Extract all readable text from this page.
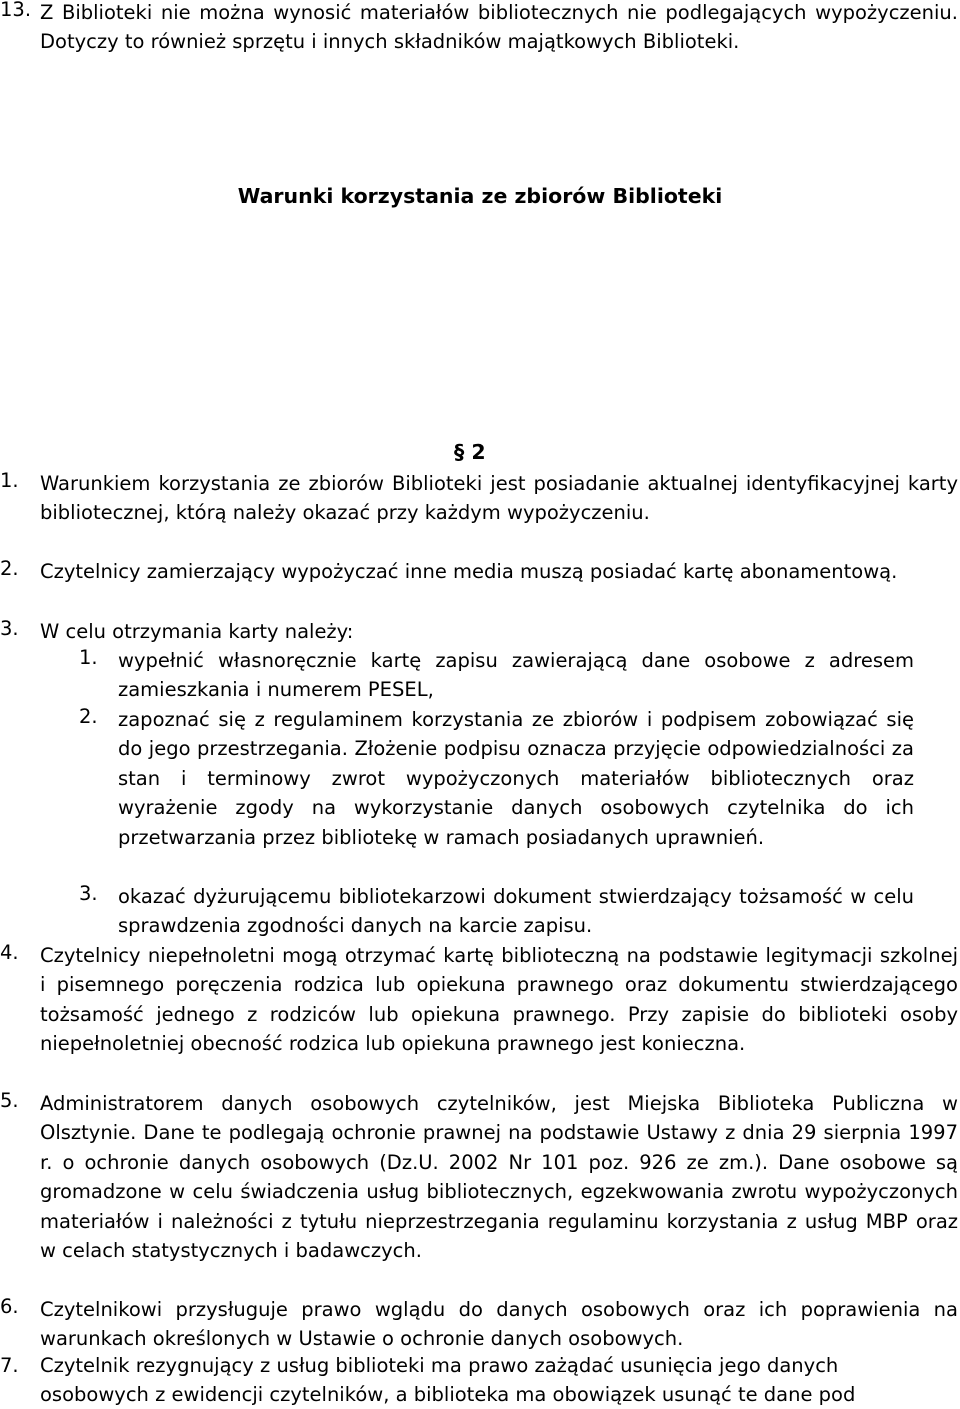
13. Z Biblioteki nie można wynosić materiałów bibliotecznych nie podlegających wypożyczeniu. Dotyczy to również sprzętu i innych składników majątkowych Biblioteki.
Warunki korzystania ze zbiorów Biblioteki
§ 2
1. Warunkiem korzystania ze zbiorów Biblioteki jest posiadanie aktualnej identyfikacyjnej karty bibliotecznej, którą należy okazać przy każdym wypożyczeniu.
2. Czytelnicy zamierzający wypożyczać inne media muszą posiadać kartę abonamentową.
3. W celu otrzymania karty należy:
1. wypełnić własnoręcznie kartę zapisu zawierającą dane osobowe z adresem zamieszkania i numerem PESEL,
2. zapoznać się z regulaminem korzystania ze zbiorów i podpisem zobowiązać się do jego przestrzegania. Złożenie podpisu oznacza przyjęcie odpowiedzialności za stan i terminowy zwrot wypożyczonych materiałów bibliotecznych oraz wyrażenie zgody na wykorzystanie danych osobowych czytelnika do ich przetwarzania przez bibliotekę w ramach posiadanych uprawnień.
3. okazać dyżurującemu bibliotekarzowi dokument stwierdzający tożsamość w celu sprawdzenia zgodności danych na karcie zapisu.
4. Czytelnicy niepełnoletni mogą otrzymać kartę biblioteczną na podstawie legitymacji szkolnej i pisemnego poręczenia rodzica lub opiekuna prawnego oraz dokumentu stwierdzającego tożsamość jednego z rodziców lub opiekuna prawnego. Przy zapisie do biblioteki osoby niepełnoletniej obecność rodzica lub opiekuna prawnego jest konieczna.
5. Administratorem danych osobowych czytelników, jest Miejska Biblioteka Publiczna w Olsztynie. Dane te podlegają ochronie prawnej na podstawie Ustawy z dnia 29 sierpnia 1997 r. o ochronie danych osobowych (Dz.U. 2002 Nr 101 poz. 926 ze zm.). Dane osobowe są gromadzone w celu świadczenia usług bibliotecznych, egzekwowania zwrotu wypożyczonych materiałów i należności z tytułu nieprzestrzegania regulaminu korzystania z usług MBP oraz w celach statystycznych i badawczych.
6. Czytelnikowi przysługuje prawo wglądu do danych osobowych oraz ich poprawienia na warunkach określonych w Ustawie o ochronie danych osobowych.
7. Czytelnik rezygnujący z usług biblioteki ma prawo zażądać usunięcia jego danych
osobowych z ewidencji czytelników, a biblioteka ma obowiązek usunąć te dane pod
